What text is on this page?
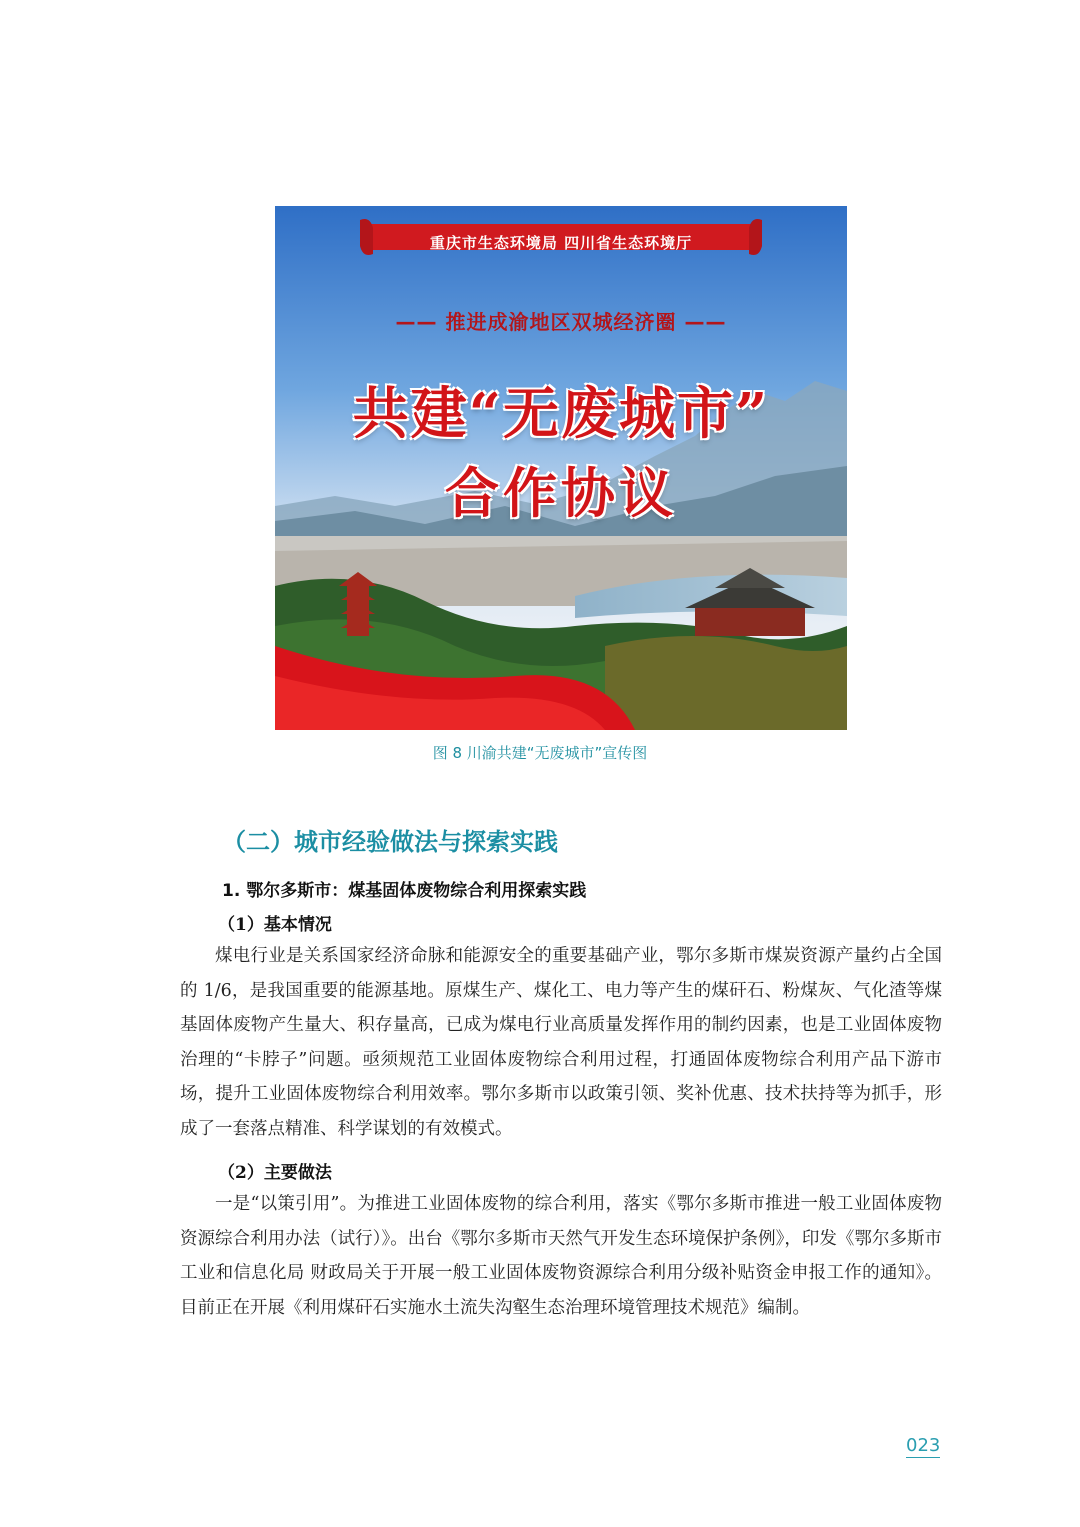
重庆市生态环境局 四川省生态环境厅
—— 推进成渝地区双城经济圈 ——
共建“无废城市”
合作协议
图 8 川渝共建“无废城市”宣传图
（二）城市经验做法与探索实践
1. 鄂尔多斯市：煤基固体废物综合利用探索实践
（1）基本情况

煤电行业是关系国家经济命脉和能源安全的重要基础产业，鄂尔多斯市煤炭资源产量约占全国的 1/6，是我国重要的能源基地。原煤生产、煤化工、电力等产生的煤矸石、粉煤灰、气化渣等煤基固体废物产生量大、积存量高，已成为煤电行业高质量发挥作用的制约因素，也是工业固体废物治理的“卡脖子”问题。亟须规范工业固体废物综合利用过程，打通固体废物综合利用产品下游市场，提升工业固体废物综合利用效率。鄂尔多斯市以政策引领、奖补优惠、技术扶持等为抓手，形成了一套落点精准、科学谋划的有效模式。

（2）主要做法

一是“以策引用”。为推进工业固体废物的综合利用，落实《鄂尔多斯市推进一般工业固体废物资源综合利用办法（试行）》。出台《鄂尔多斯市天然气开发生态环境保护条例》，印发《鄂尔多斯市工业和信息化局 财政局关于开展一般工业固体废物资源综合利用分级补贴资金申报工作的通知》。目前正在开展《利用煤矸石实施水土流失沟壑生态治理环境管理技术规范》编制。

023
